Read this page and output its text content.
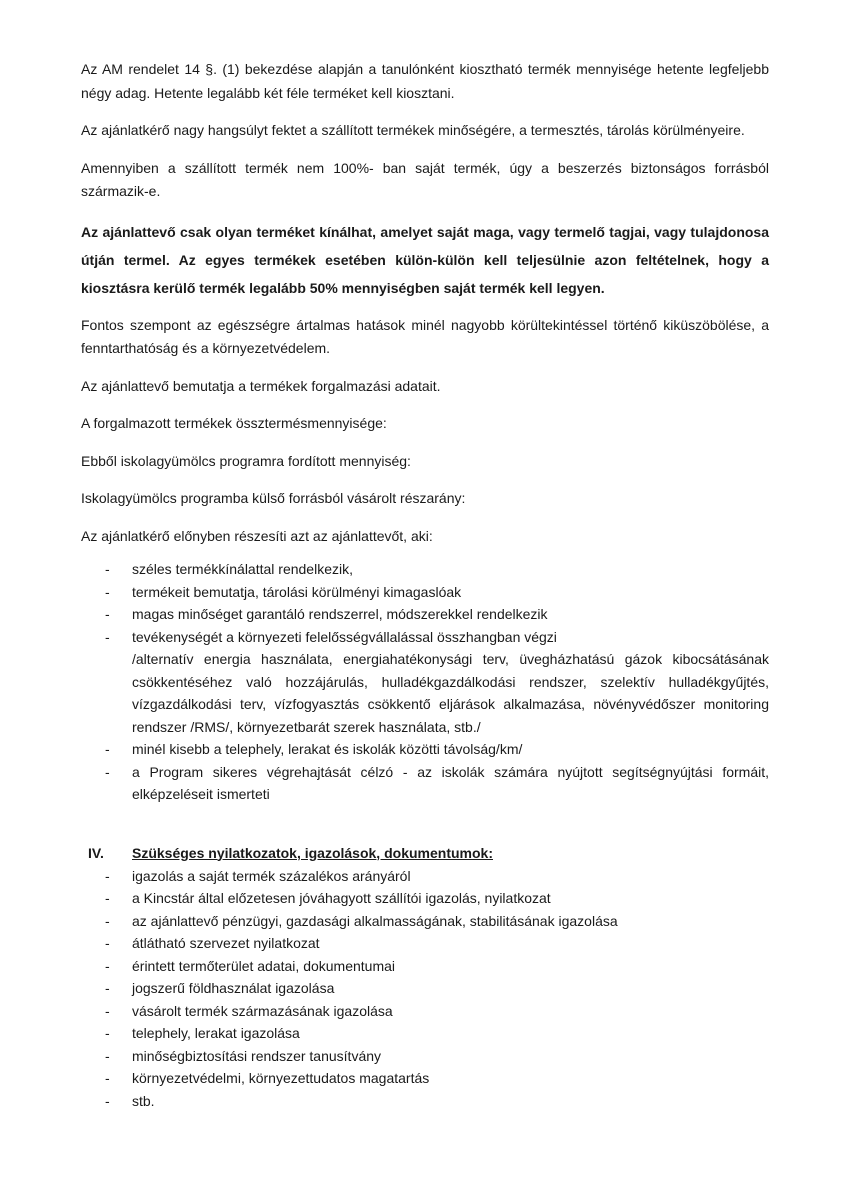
Az AM rendelet 14 §. (1) bekezdése alapján a tanulónként kiosztható termék mennyisége hetente legfeljebb négy adag. Hetente legalább két féle terméket kell kiosztani.

Az ajánlatkérő nagy hangsúlyt fektet a szállított termékek minőségére, a termesztés, tárolás körülményeire.

Amennyiben a szállított termék nem 100%- ban saját termék, úgy a beszerzés biztonságos forrásból származik-e.

Az ajánlattevő csak olyan terméket kínálhat, amelyet saját maga, vagy termelő tagjai, vagy tulajdonosa útján termel. Az egyes termékek esetében külön-külön kell teljesülnie azon feltételnek, hogy a kiosztásra kerülő termék legalább 50% mennyiségben saját termék kell legyen.

Fontos szempont az egészségre ártalmas hatások minél nagyobb körültekintéssel történő kiküszöbölése, a fenntarthatóság és a környezetvédelem.

Az ajánlattevő bemutatja a termékek forgalmazási adatait.

A forgalmazott termékek össztermésmennyisége:

Ebből iskolagyümölcs programra fordított mennyiség:

Iskolagyümölcs programba külső forrásból vásárolt részarány:

Az ajánlatkérő előnyben részesíti azt az ajánlattevőt, aki:

- széles termékkínálattal rendelkezik,
- termékeit bemutatja, tárolási körülményi kimagaslóak
- magas minőséget garantáló rendszerrel, módszerekkel rendelkezik
- tevékenységét a környezeti felelősségvállalással összhangban végzi
/alternatív energia használata, energiahatékonysági terv, üvegházhatású gázok kibocsátásának csökkentéséhez való hozzájárulás, hulladékgazdálkodási rendszer, szelektív hulladékgyűjtés, vízgazdálkodási terv, vízfogyasztás csökkentő eljárások alkalmazása, növényvédőszer monitoring rendszer /RMS/, környezetbarát szerek használata, stb./
- minél kisebb a telephely, lerakat és iskolák közötti távolság/km/
- a Program sikeres végrehajtását célzó - az iskolák számára nyújtott segítségnyújtási formáit, elképzeléseit ismerteti
IV. Szükséges nyilatkozatok, igazolások, dokumentumok:
- igazolás a saját termék százalékos arányáról
- a Kincstár által előzetesen jóváhagyott szállítói igazolás, nyilatkozat
- az ajánlattevő pénzügyi, gazdasági alkalmasságának, stabilitásának igazolása
- átlátható szervezet nyilatkozat
- érintett termőterület adatai, dokumentumai
- jogszerű földhasználat igazolása
- vásárolt termék származásának igazolása
- telephely, lerakat igazolása
- minőségbiztosítási rendszer tanusítvány
- környezetvédelmi, környezettudatos magatartás
- stb.
